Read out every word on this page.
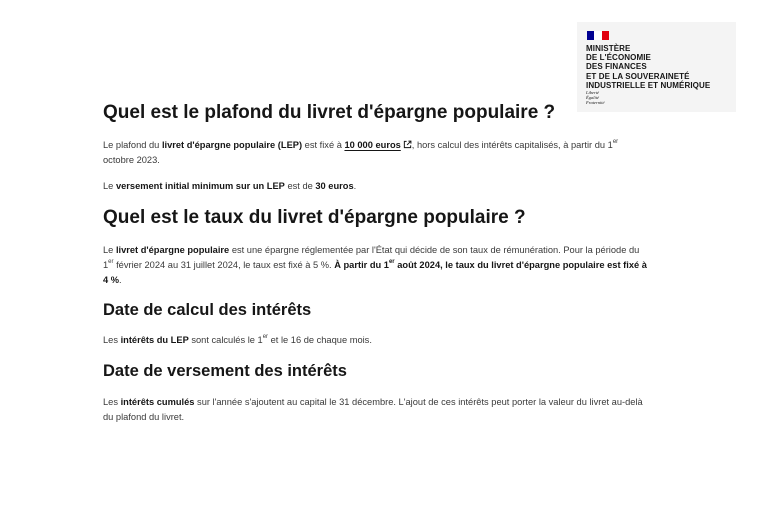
MINISTÈRE
DE L'ÉCONOMIE
DES FINANCES
ET DE LA SOUVERAINETÉ
INDUSTRIELLE ET NUMÉRIQUE
Liberté
Égalité
Fraternité
Quel est le plafond du livret d'épargne populaire ?

Le plafond du livret d'épargne populaire (LEP) est fixé à 10 000 euros , hors calcul des intérêts capitalisés, à partir du 1er octobre 2023.

Le versement initial minimum sur un LEP est de 30 euros.

Quel est le taux du livret d'épargne populaire ?

Le livret d'épargne populaire est une épargne réglementée par l'État qui décide de son taux de rémunération. Pour la période du 1er février 2024 au 31 juillet 2024, le taux est fixé à 5 %. À partir du 1er août 2024, le taux du livret d'épargne populaire est fixé à 4 %.

Date de calcul des intérêts

Les intérêts du LEP sont calculés le 1er et le 16 de chaque mois.

Date de versement des intérêts

Les intérêts cumulés sur l'année s'ajoutent au capital le 31 décembre. L'ajout de ces intérêts peut porter la valeur du livret au-delà du plafond du livret.
